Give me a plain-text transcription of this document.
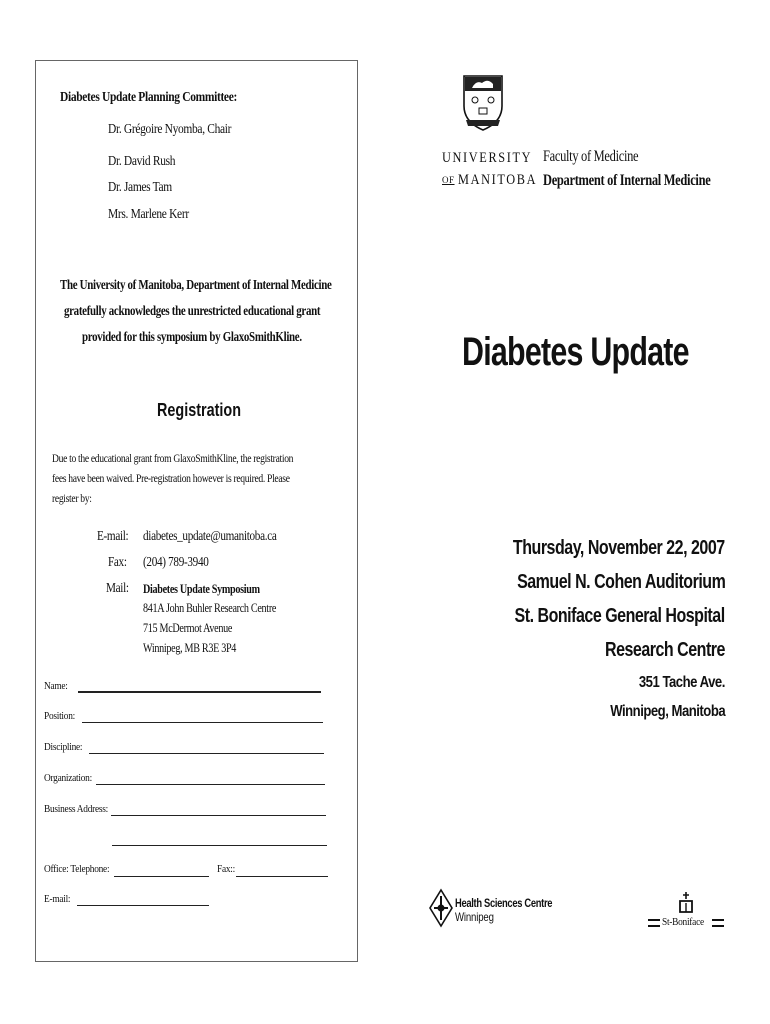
Diabetes Update Planning Committee:
Dr. Grégoire Nyomba, Chair
Dr. David Rush
Dr. James Tam
Mrs. Marlene Kerr
The University of Manitoba, Department of Internal Medicine
gratefully acknowledges the unrestricted educational grant
provided for this symposium by GlaxoSmithKline.
Registration
Due to the educational grant from GlaxoSmithKline, the registration
fees have been waived. Pre-registration however is required. Please
register by:
E-mail:	diabetes_update@umanitoba.ca
Fax:	(204) 789-3940
Mail:	Diabetes Update Symposium
841A John Buhler Research Centre
715 McDermot Avenue
Winnipeg, MB R3E 3P4
Name:
Position:
Discipline:
Organization:
Business Address:
Office: Telephone:	Fax::
E-mail:
UNIVERSITY
OF MANITOBA
Faculty of Medicine
Department of Internal Medicine
Diabetes Update
Thursday, November 22, 2007
Samuel N. Cohen Auditorium
St. Boniface General Hospital
Research Centre
351 Tache Ave.
Winnipeg, Manitoba
Health Sciences Centre
Winnipeg	St-Boniface
